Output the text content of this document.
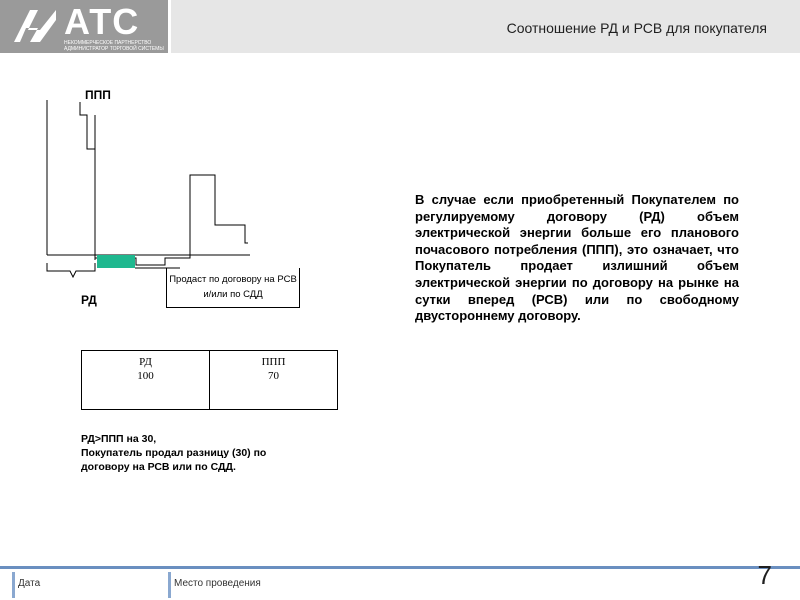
АТС
НЕКОММЕРЧЕСКОЕ ПАРТНЕРСТВО АДМИНИСТРАТОР ТОРГОВОЙ СИСТЕМЫ
Соотношение РД и РСВ для покупателя
ППП
РД
Продаст по договору на РСВ и/или по СДД
РД
100

ППП
70
РД>ППП на 30,
Покупатель продал разницу (30) по
договору на РСВ или по СДД.
В случае если приобретенный Покупателем по регулируемому договору (РД) объем электрической энергии больше его планового почасового потребления (ППП), это означает, что Покупатель продает излишний объем электрической энергии по договору на рынке на сутки вперед (РСВ) или по свободному двустороннему договору.
Дата	Место проведения	7
